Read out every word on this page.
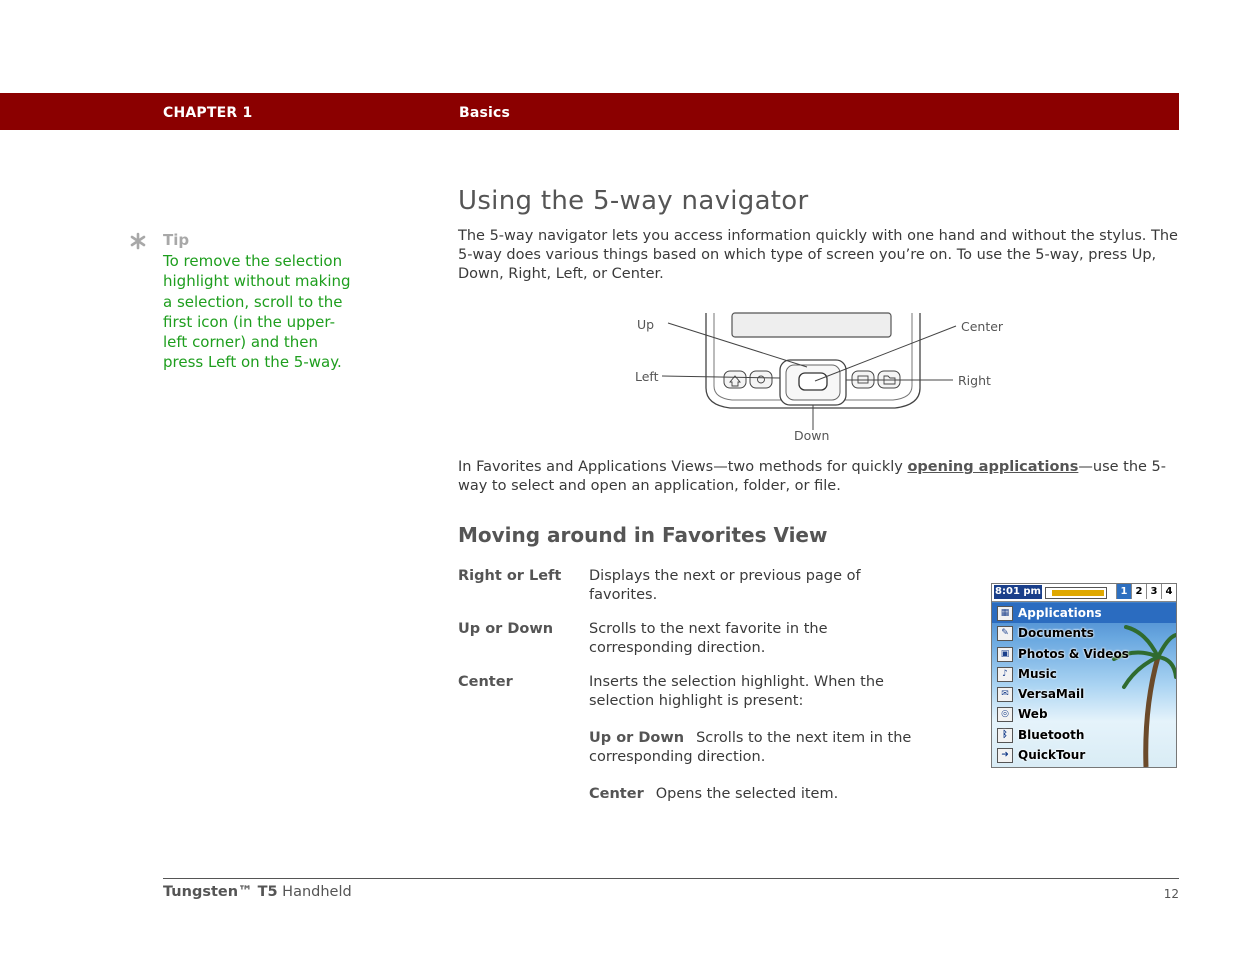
CHAPTER 1	Basics
Tip
To remove the selection highlight without making a selection, scroll to the first icon (in the upper-left corner) and then press Left on the 5-way.
Using the 5-way navigator

The 5-way navigator lets you access information quickly with one hand and without the stylus. The 5-way does various things based on which type of screen you’re on. To use the 5-way, press Up, Down, Right, Left, or Center.

Up	Center
Left	Right
Down

In Favorites and Applications Views—two methods for quickly opening applications—use the 5-way to select and open an application, folder, or file.

Moving around in Favorites View
Right or Left Displays the next or previous page of favorites.

Up or Down Scrolls to the next favorite in the corresponding direction.

Center	Inserts the selection highlight. When the selection highlight is present:

Up or Down Scrolls to the next item in the corresponding direction.

Center Opens the selected item.

8:01 pm	1 2 3 4
▦ Applications
✎ Documents
▣ Photos & Videos
♪ Music
✉ VersaMail
◎ Web
ᛒ Bluetooth
➜ QuickTour
Tungsten™ T5 Handheld	12
